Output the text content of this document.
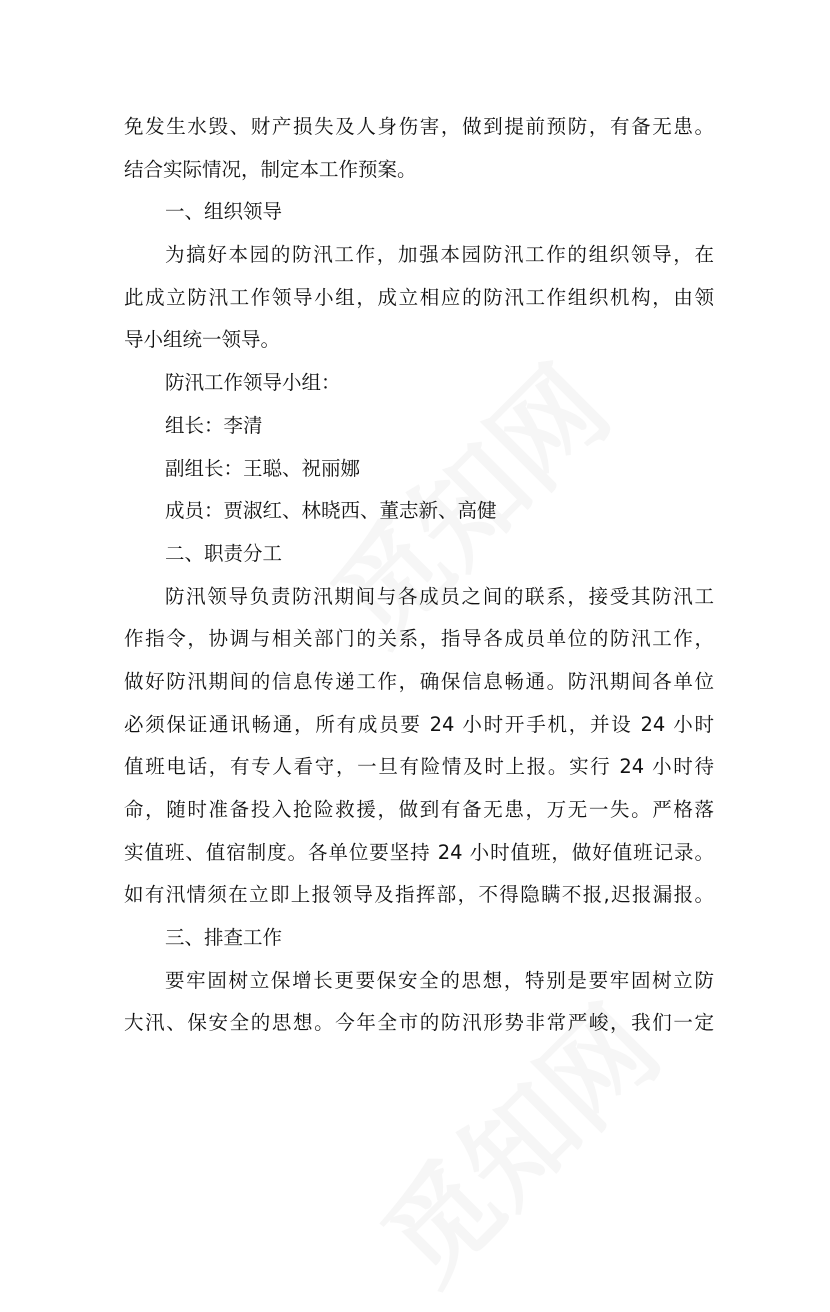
免发生水毁、财产损失及人身伤害，做到提前预防，有备无患。
结合实际情况，制定本工作预案。
一、组织领导
为搞好本园的防汛工作，加强本园防汛工作的组织领导，在
此成立防汛工作领导小组，成立相应的防汛工作组织机构，由领
导小组统一领导。
防汛工作领导小组：
组长：李清
副组长：王聪、祝丽娜
成员：贾淑红、林晓西、董志新、高健
二、职责分工
防汛领导负责防汛期间与各成员之间的联系，接受其防汛工
作指令，协调与相关部门的关系，指导各成员单位的防汛工作，
做好防汛期间的信息传递工作，确保信息畅通。防汛期间各单位
必须保证通讯畅通，所有成员要 24 小时开手机，并设 24 小时
值班电话，有专人看守，一旦有险情及时上报。实行 24 小时待
命，随时准备投入抢险救援，做到有备无患，万无一失。严格落
实值班、值宿制度。各单位要坚持 24 小时值班，做好值班记录。
如有汛情须在立即上报领导及指挥部，不得隐瞒不报,迟报漏报。
三、排查工作
要牢固树立保增长更要保安全的思想，特别是要牢固树立防
大汛、保安全的思想。今年全市的防汛形势非常严峻，我们一定
